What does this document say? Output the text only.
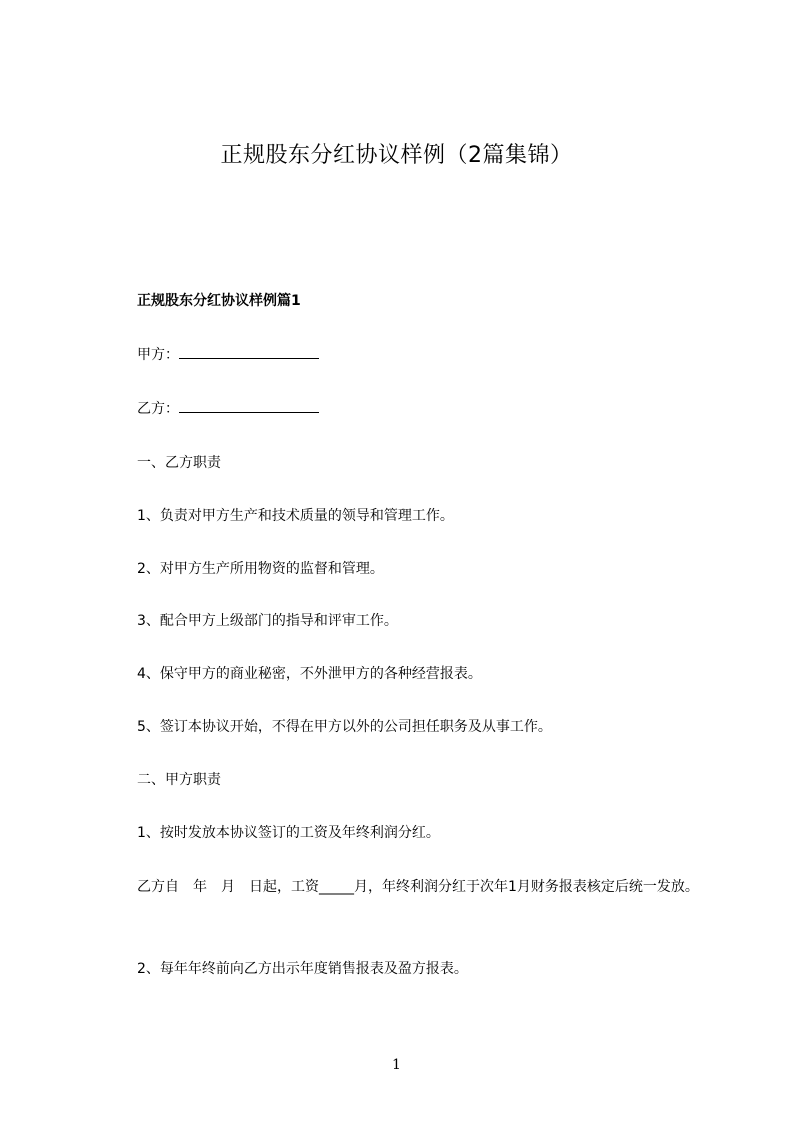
正规股东分红协议样例（2篇集锦）
正规股东分红协议样例篇1
甲方：
乙方：
一、乙方职责
1、负责对甲方生产和技术质量的领导和管理工作。
2、对甲方生产所用物资的监督和管理。
3、配合甲方上级部门的指导和评审工作。
4、保守甲方的商业秘密，不外泄甲方的各种经营报表。
5、签订本协议开始，不得在甲方以外的公司担任职务及从事工作。
二、甲方职责
1、按时发放本协议签订的工资及年终利润分红。
乙方自　年　月　日起，工资_____月，年终利润分红于次年1月财务报表核定后统一发放。
2、每年年终前向乙方出示年度销售报表及盈方报表。
1
